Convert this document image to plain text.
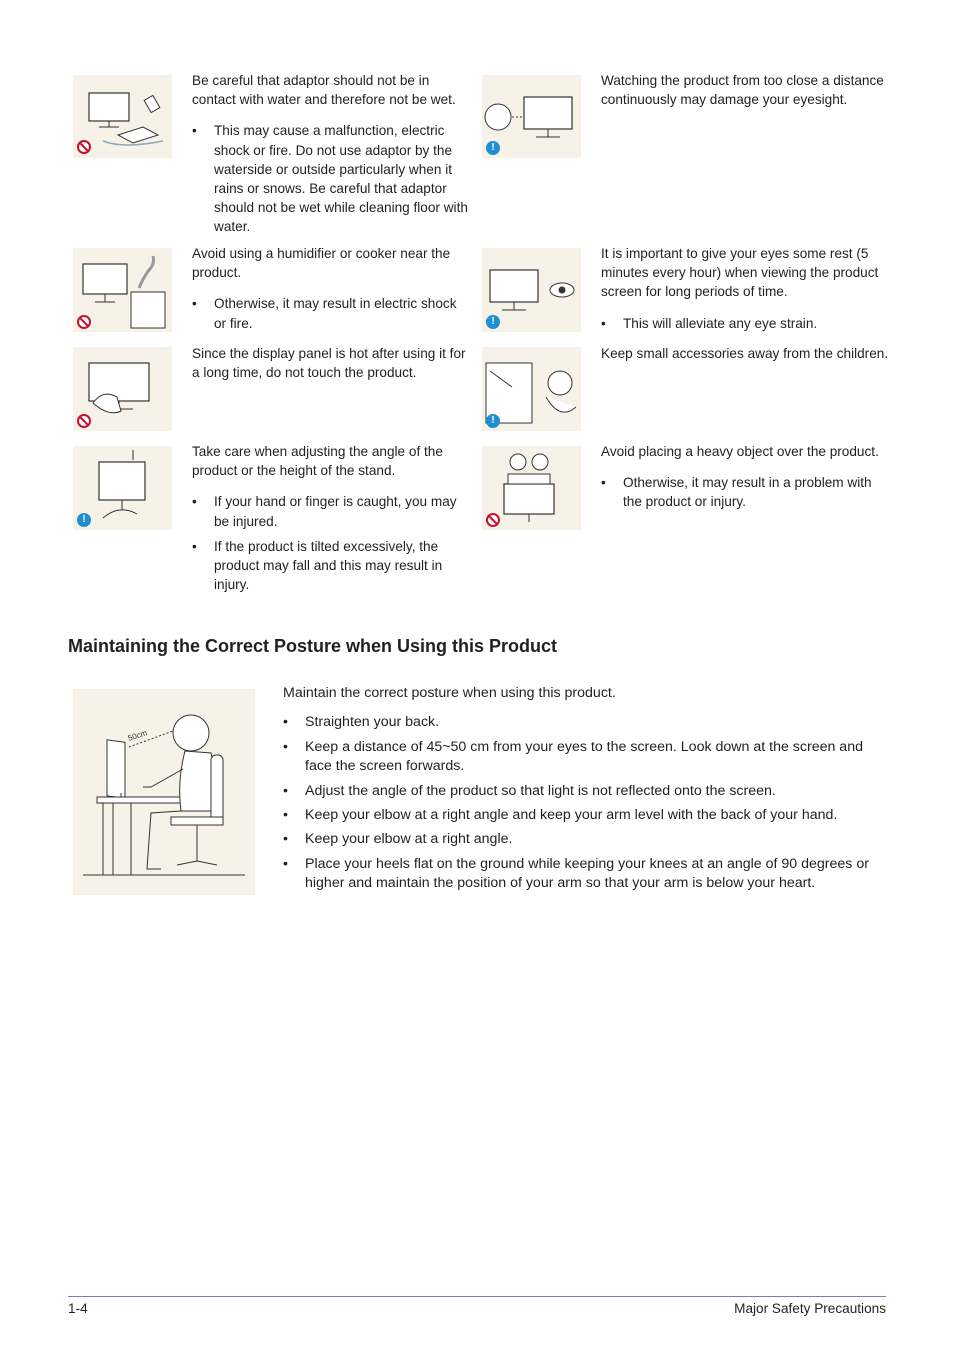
Be careful that adaptor should not be in contact with water and therefore not be wet.

• This may cause a malfunction, electric shock or fire. Do not use adaptor by the waterside or outside particularly when it rains or snows. Be careful that adaptor should not be wet while cleaning floor with water.
!

Watching the product from too close a distance continuously may damage your eyesight.

Avoid using a humidifier or cooker near the product.

• Otherwise, it may result in electric shock or fire.	!

It is important to give your eyes some rest (5 minutes every hour) when viewing the product screen for long periods of time.

• This will alleviate any eye strain.

Since the display panel is hot after using it for a long time, do not touch the product.

!

Keep small accessories away from the children.

!

Take care when adjusting the angle of the product or the height of the stand.

• If your hand or finger is caught, you may be injured.
• If the product is tilted excessively, the product may fall and this may result in injury.

Avoid placing a heavy object over the product.

• Otherwise, it may result in a problem with the product or injury.
Maintaining the Correct Posture when Using this Product
50cm

Maintain the correct posture when using this product.

• Straighten your back.
• Keep a distance of 45~50 cm from your eyes to the screen. Look down at the screen and face the screen forwards.
• Adjust the angle of the product so that light is not reflected onto the screen.
• Keep your elbow at a right angle and keep your arm level with the back of your hand.
• Keep your elbow at a right angle.
• Place your heels flat on the ground while keeping your knees at an angle of 90 degrees or higher and maintain the position of your arm so that your arm is below your heart.
1-4	Major Safety Precautions
